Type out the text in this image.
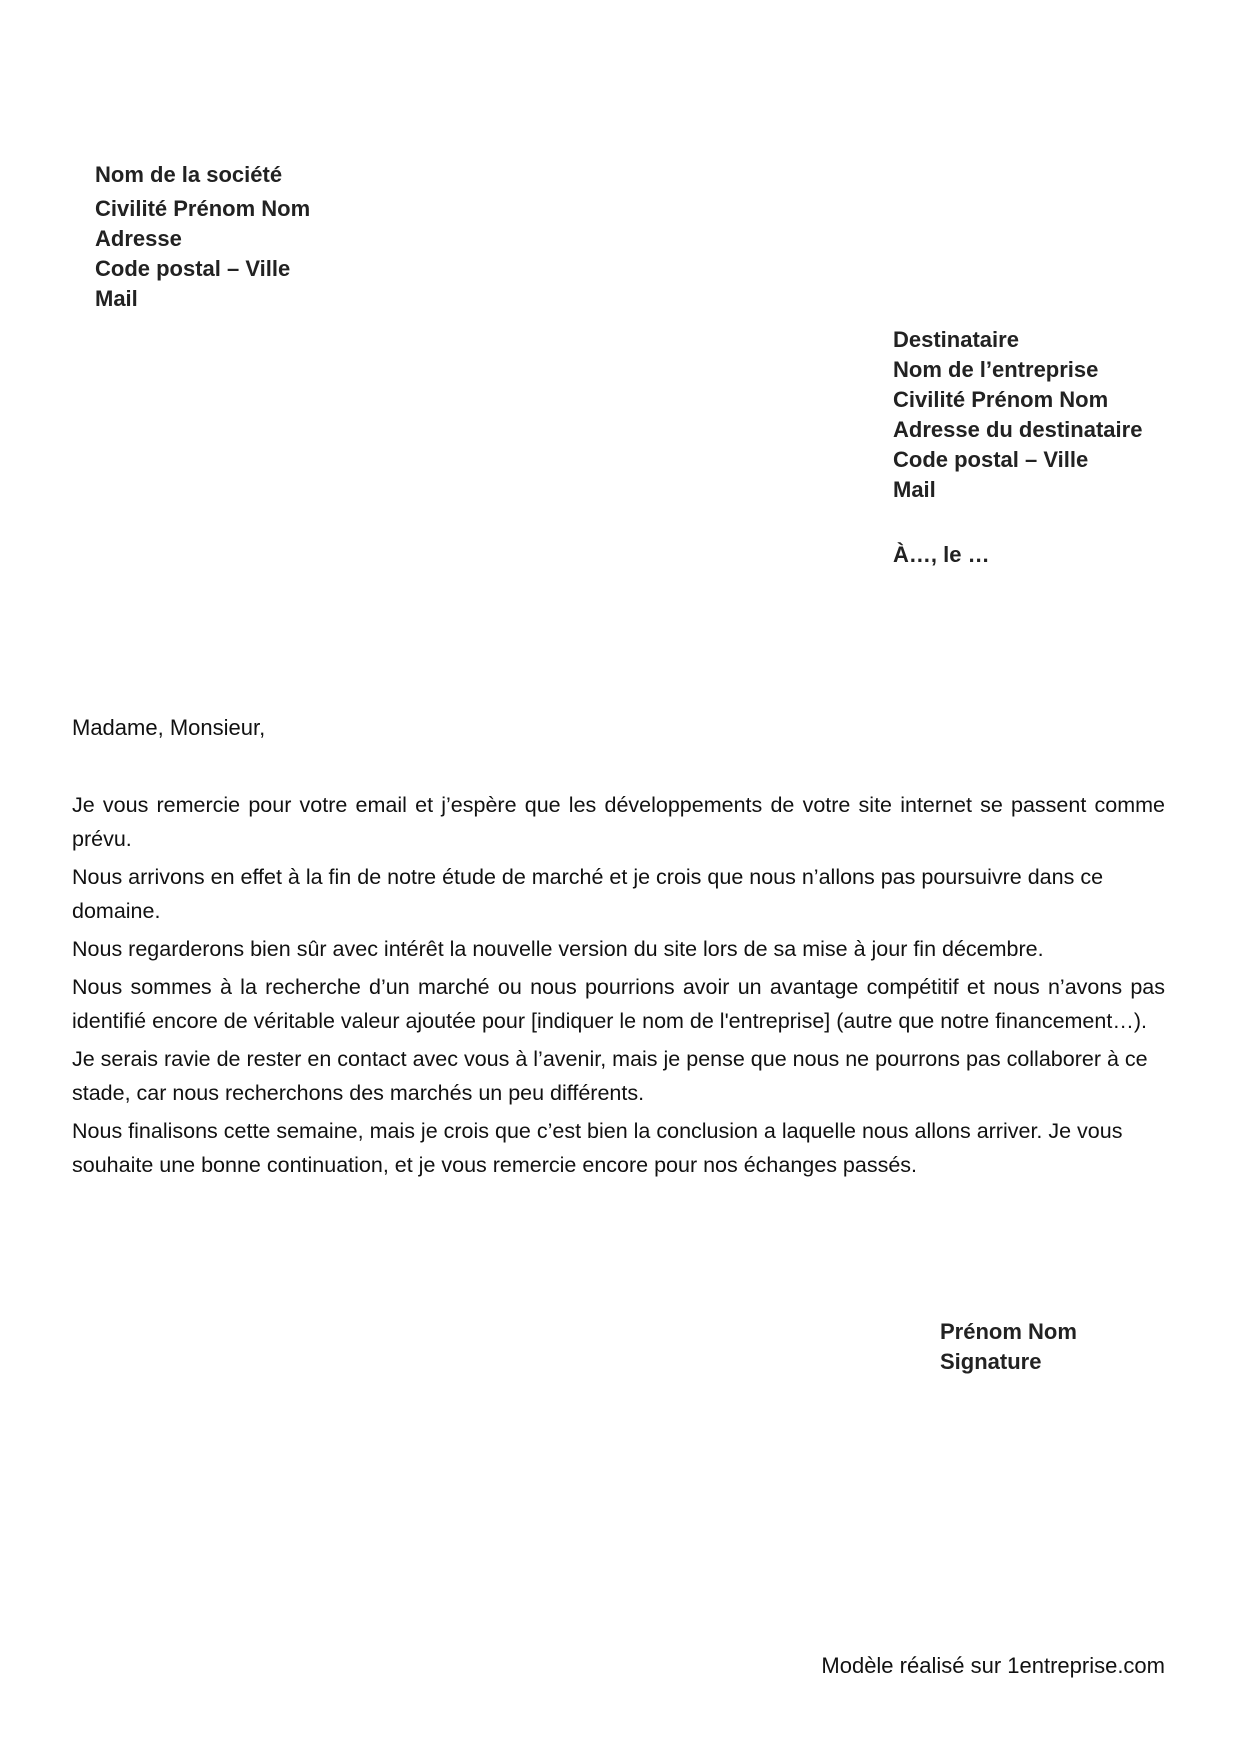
Nom de la société
Civilité Prénom Nom
Adresse
Code postal – Ville
Mail
Destinataire
Nom de l’entreprise
Civilité Prénom Nom
Adresse du destinataire
Code postal – Ville
Mail
À…, le …
Madame, Monsieur,

Je vous remercie pour votre email et j’espère que les développements de votre site internet se passent comme prévu.

Nous arrivons en effet à la fin de notre étude de marché et je crois que nous n’allons pas poursuivre dans ce domaine.

Nous regarderons bien sûr avec intérêt la nouvelle version du site lors de sa mise à jour fin décembre.

Nous sommes à la recherche d’un marché ou nous pourrions avoir un avantage compétitif et nous n’avons pas identifié encore de véritable valeur ajoutée pour [indiquer le nom de l'entreprise] (autre que notre financement…).

Je serais ravie de rester en contact avec vous à l’avenir, mais je pense que nous ne pourrons pas collaborer à ce stade, car nous recherchons des marchés un peu différents.

Nous finalisons cette semaine, mais je crois que c’est bien la conclusion a laquelle nous allons arriver. Je vous souhaite une bonne continuation, et je vous remercie encore pour nos échanges passés.

Prénom Nom
Signature
Modèle réalisé sur 1entreprise.com
